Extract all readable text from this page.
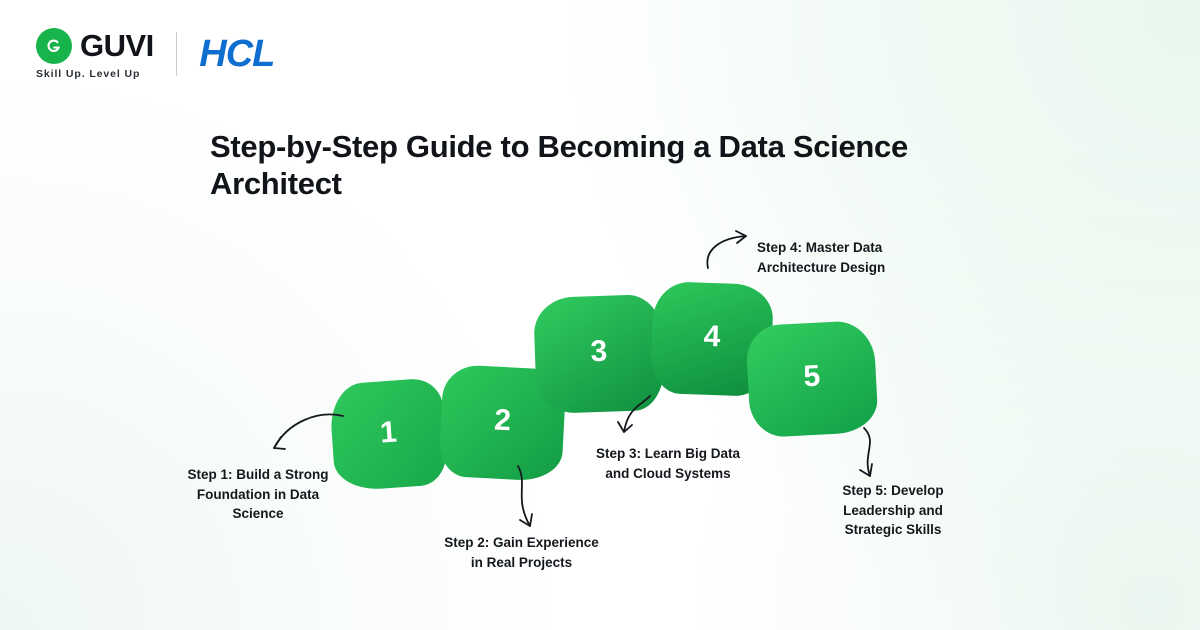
GUVI
Skill Up. Level Up HCL
Step-by-Step Guide to Becoming a Data Science Architect
1	2
3	4
5
Step 1: Build a Strong Foundation in Data Science
Step 2: Gain Experience in Real Projects
Step 3: Learn Big Data and Cloud Systems
Step 4: Master Data Architecture Design
Step 5: Develop Leadership and Strategic Skills
